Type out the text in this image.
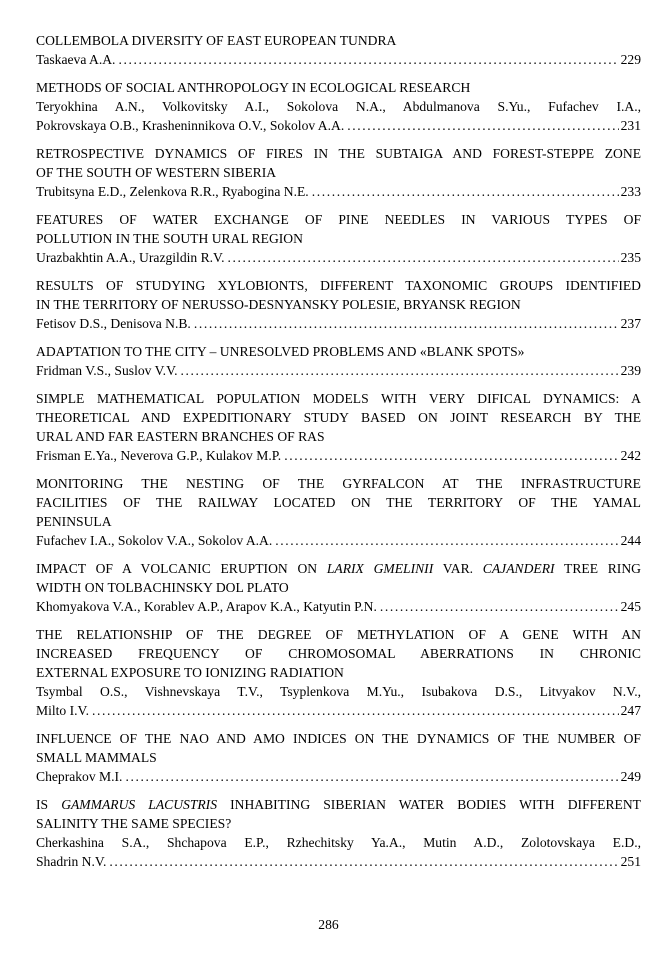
COLLEMBOLA DIVERSITY OF EAST EUROPEAN TUNDRA
Taskaeva A.A. .....	229
METHODS OF SOCIAL ANTHROPOLOGY IN ECOLOGICAL RESEARCH
Teryokhina A.N., Volkovitsky A.I., Sokolova N.A., Abdulmanova S.Yu., Fufachev I.A.,
Pokrovskaya O.B., Krasheninnikova O.V., Sokolov A.A. .....	231
RETROSPECTIVE DYNAMICS OF FIRES IN THE SUBTAIGA AND FOREST-STEPPE ZONE
OF THE SOUTH OF WESTERN SIBERIA
Trubitsyna E.D., Zelenkova R.R., Ryabogina N.E. .....	233
FEATURES OF WATER EXCHANGE OF PINE NEEDLES IN VARIOUS TYPES OF
POLLUTION IN THE SOUTH URAL REGION
Urazbakhtin A.A., Urazgildin R.V. .....	235
RESULTS OF STUDYING XYLOBIONTS, DIFFERENT TAXONOMIC GROUPS IDENTIFIED
IN THE TERRITORY OF NERUSSO-DESNYANSKY POLESIE, BRYANSK REGION
Fetisov D.S., Denisova N.B. .....	237
ADAPTATION TO THE CITY – UNRESOLVED PROBLEMS AND «BLANK SPOTS»
Fridman V.S., Suslov V.V. .....	239
SIMPLE MATHEMATICAL POPULATION MODELS WITH VERY DIFICAL DYNAMICS: A
THEORETICAL AND EXPEDITIONARY STUDY BASED ON JOINT RESEARCH BY THE
URAL AND FAR EASTERN BRANCHES OF RAS
Frisman E.Ya., Neverova G.P., Kulakov M.P. .....	242
MONITORING THE NESTING OF THE GYRFALCON AT THE INFRASTRUCTURE
FACILITIES OF THE RAILWAY LOCATED ON THE TERRITORY OF THE YAMAL
PENINSULA
Fufachev I.A., Sokolov V.A., Sokolov A.A. .....	244
IMPACT OF A VOLCANIC ERUPTION ON LARIX GMELINII VAR. CAJANDERI TREE RING
WIDTH ON TOLBACHINSKY DOL PLATO
Khomyakova V.A., Korablev A.P., Arapov K.A., Katyutin P.N. .....	245
THE RELATIONSHIP OF THE DEGREE OF METHYLATION OF A GENE WITH AN
INCREASED FREQUENCY OF CHROMOSOMAL ABERRATIONS IN CHRONIC
EXTERNAL EXPOSURE TO IONIZING RADIATION
Tsymbal O.S., Vishnevskaya T.V., Tsyplenkova M.Yu., Isubakova D.S., Litvyakov N.V.,
Milto I.V. .....	247
INFLUENCE OF THE NAO AND AMO INDICES ON THE DYNAMICS OF THE NUMBER OF
SMALL MAMMALS
Cheprakov M.I. .....	249
IS GAMMARUS LACUSTRIS INHABITING SIBERIAN WATER BODIES WITH DIFFERENT
SALINITY THE SAME SPECIES?
Cherkashina S.A., Shchapova E.P., Rzhechitsky Ya.A., Mutin A.D., Zolotovskaya E.D.,
Shadrin N.V. .....	251
286
